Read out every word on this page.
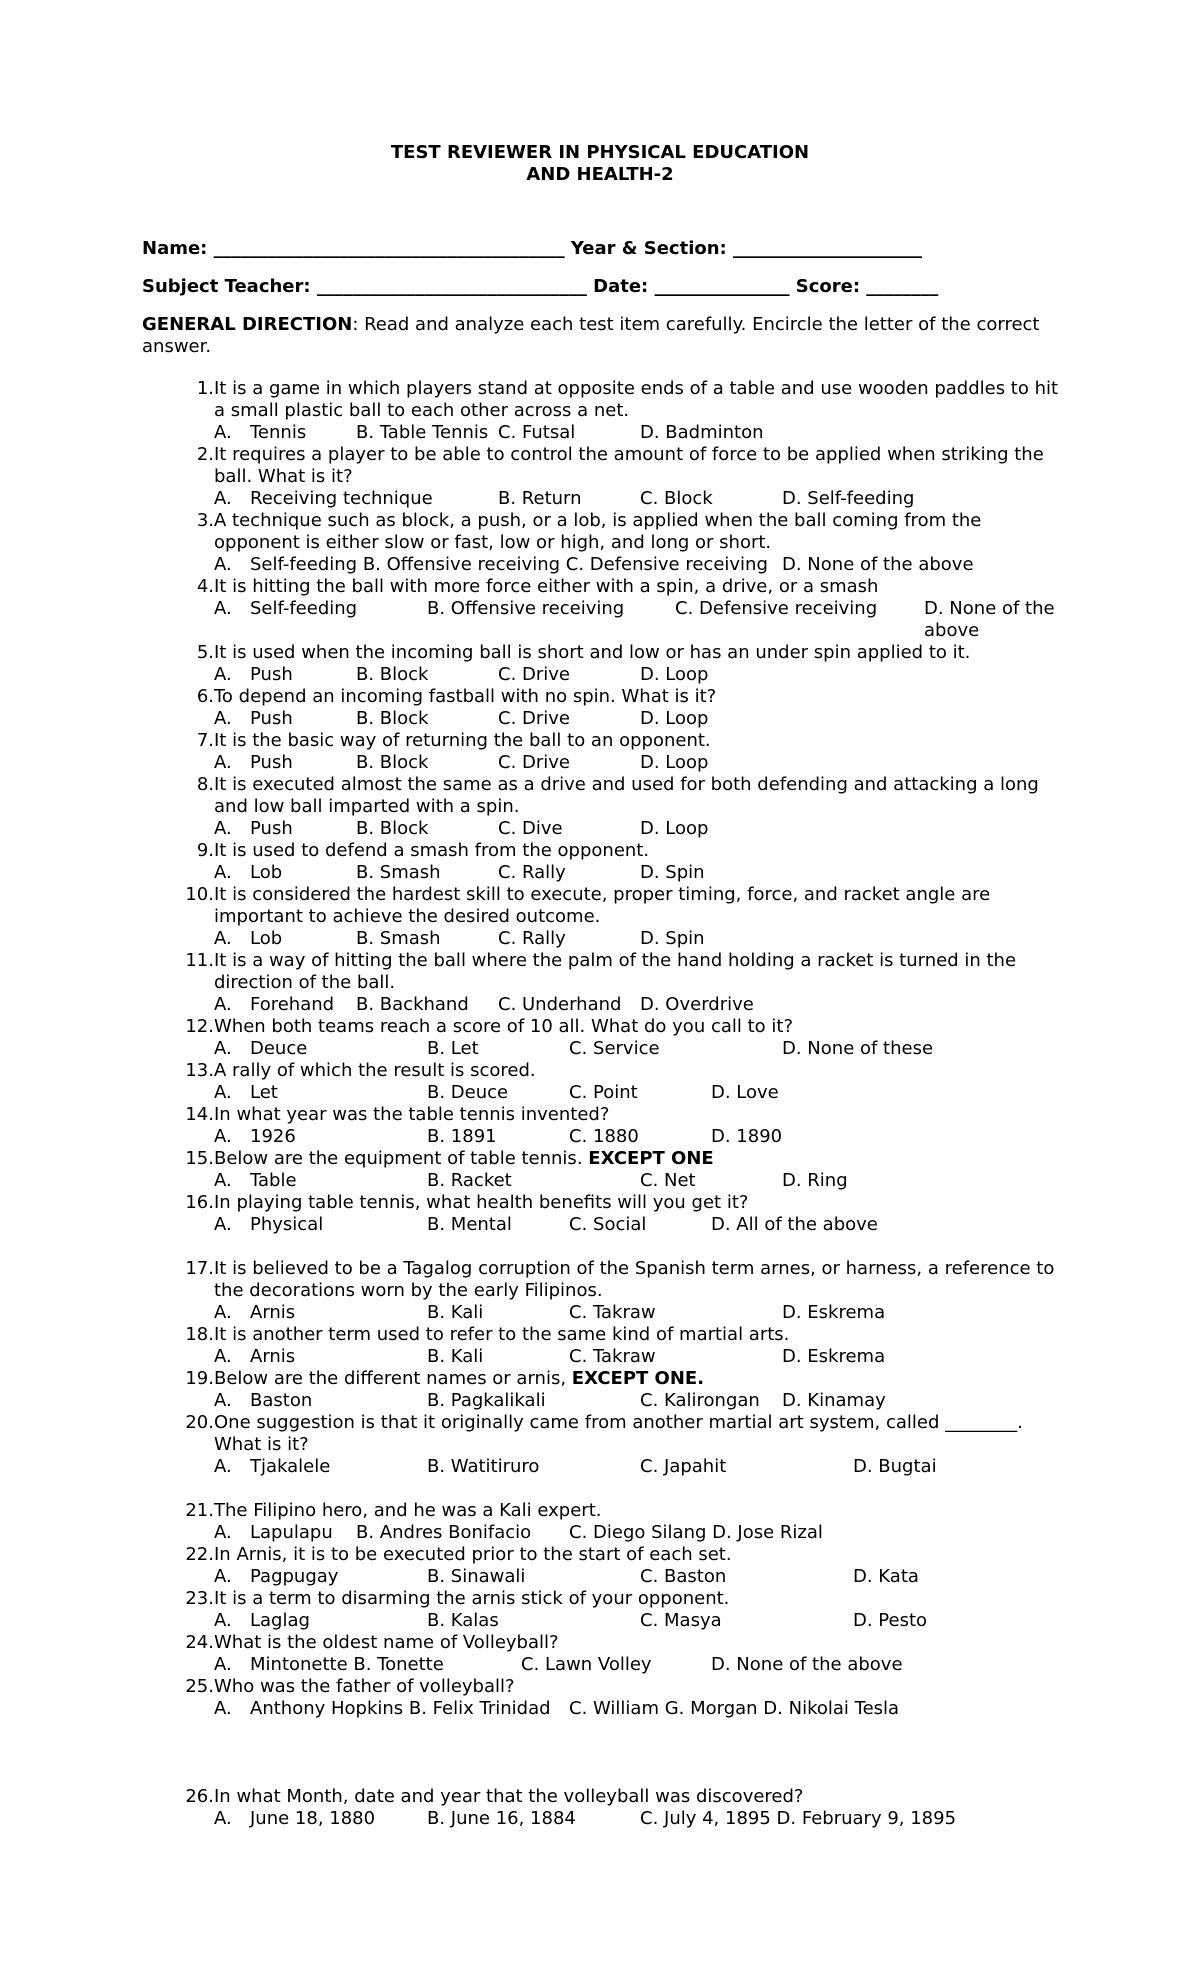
TEST REVIEWER IN PHYSICAL EDUCATION
AND HEALTH-2
Name: _______________________________________ Year & Section: _____________________
Subject Teacher: ______________________________ Date: _______________ Score: ________
GENERAL DIRECTION: Read and analyze each test item carefully. Encircle the letter of the correct answer.
1. It is a game in which players stand at opposite ends of a table and use wooden paddles to hit a small plastic ball to each other across a net.
A. Tennis	B. Table Tennis C. Futsal	D. Badminton
2. It requires a player to be able to control the amount of force to be applied when striking the ball. What is it?
A. Receiving technique	B. Return	C. Block	D. Self-feeding
3. A technique such as block, a push, or a lob, is applied when the ball coming from the opponent is either slow or fast, low or high, and long or short.
A. Self-feeding B. Offensive receiving C. Defensive receiving D. None of the above
4. It is hitting the ball with more force either with a spin, a drive, or a smash
A. Self-feeding	B. Offensive receiving	C. Defensive receiving	D. None of the above
5. It is used when the incoming ball is short and low or has an under spin applied to it.
A. Push	B. Block	C. Drive	D. Loop
6. To depend an incoming fastball with no spin. What is it?
A. Push	B. Block	C. Drive	D. Loop
7. It is the basic way of returning the ball to an opponent.
A. Push	B. Block	C. Drive	D. Loop
8. It is executed almost the same as a drive and used for both defending and attacking a long and low ball imparted with a spin.
A. Push	B. Block	C. Dive	D. Loop
9. It is used to defend a smash from the opponent.
A. Lob	B. Smash	C. Rally	D. Spin
10. It is considered the hardest skill to execute, proper timing, force, and racket angle are important to achieve the desired outcome.
A. Lob	B. Smash	C. Rally	D. Spin
11. It is a way of hitting the ball where the palm of the hand holding a racket is turned in the direction of the ball.
A. Forehand B. Backhand C. Underhand D. Overdrive
12. When both teams reach a score of 10 all. What do you call to it?
A. Deuce	B. Let	C. Service	D. None of these
13. A rally of which the result is scored.
A. Let	B. Deuce	C. Point	D. Love
14. In what year was the table tennis invented?
A. 1926	B. 1891	C. 1880	D. 1890
15. Below are the equipment of table tennis. EXCEPT ONE
A. Table	B. Racket	C. Net	D. Ring
16. In playing table tennis, what health benefits will you get it?
A. Physical	B. Mental	C. Social	D. All of the above
17. It is believed to be a Tagalog corruption of the Spanish term arnes, or harness, a reference to the decorations worn by the early Filipinos.
A. Arnis	B. Kali	C. Takraw	D. Eskrema
18. It is another term used to refer to the same kind of martial arts.
A. Arnis	B. Kali	C. Takraw	D. Eskrema
19. Below are the different names or arnis, EXCEPT ONE.
A. Baston	B. Pagkalikali	C. Kalirongan D. Kinamay
20. One suggestion is that it originally came from another martial art system, called ________. What is it?
A. Tjakalele	B. Watitiruro	C. Japahit	D. Bugtai
21. The Filipino hero, and he was a Kali expert.
A. Lapulapu B. Andres Bonifacio C. Diego Silang D. Jose Rizal
22. In Arnis, it is to be executed prior to the start of each set.
A. Pagpugay	B. Sinawali	C. Baston	D. Kata
23. It is a term to disarming the arnis stick of your opponent.
A. Laglag	B. Kalas	C. Masya	D. Pesto
24. What is the oldest name of Volleyball?
A. Mintonette B. Tonette	C. Lawn Volley	D. None of the above
25. Who was the father of volleyball?
A. Anthony Hopkins B. Felix Trinidad C. William G. Morgan D. Nikolai Tesla
26. In what Month, date and year that the volleyball was discovered?
A. June 18, 1880	B. June 16, 1884	C. July 4, 1895 D. February 9, 1895
